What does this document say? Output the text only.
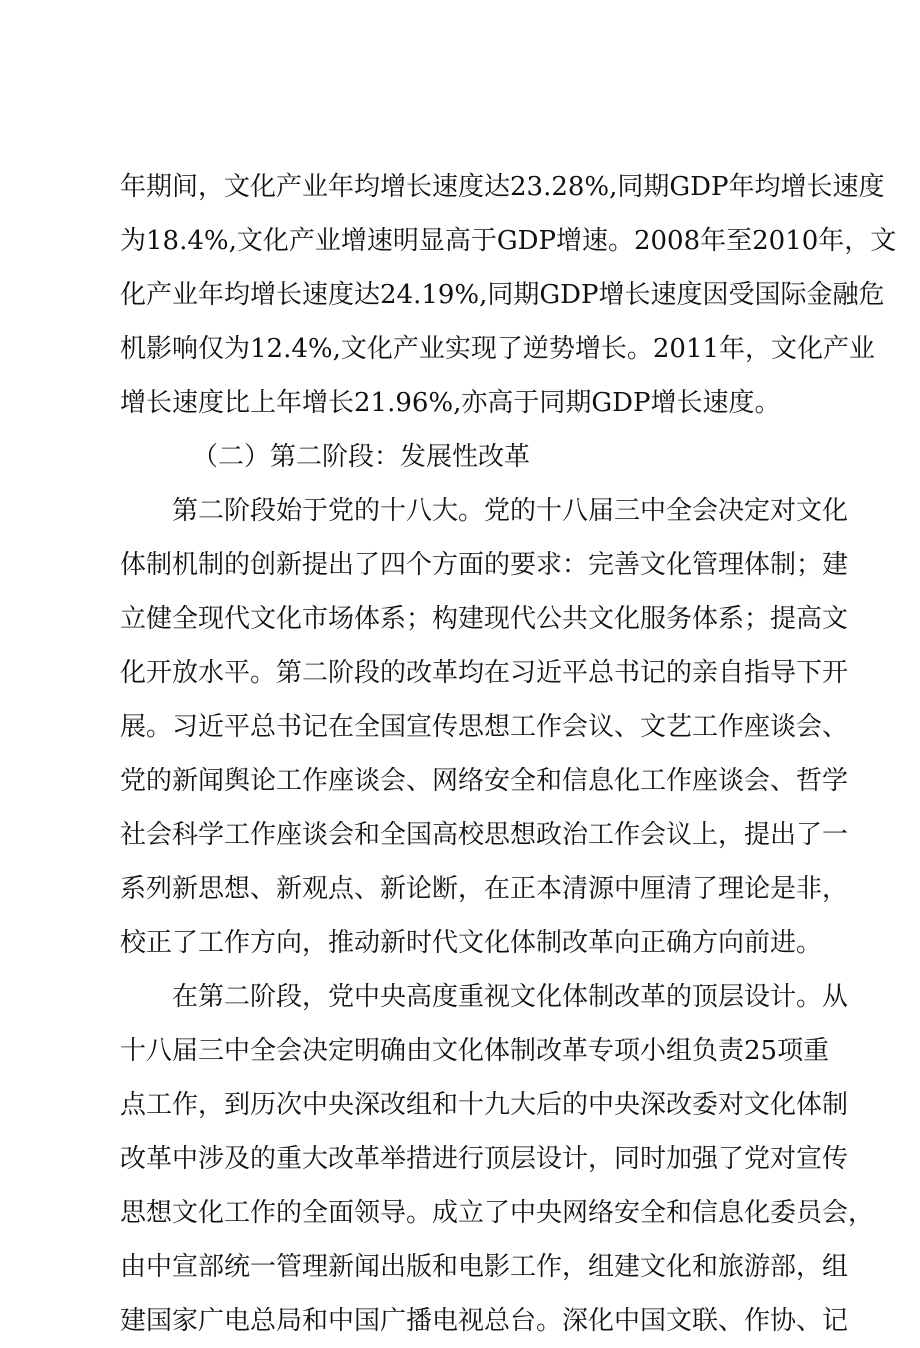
年期间，文化产业年均增长速度达23.28%,同期GDP年均增长速度
为18.4%,文化产业增速明显高于GDP增速。2008年至2010年，文
化产业年均增长速度达24.19%,同期GDP增长速度因受国际金融危
机影响仅为12.4%,文化产业实现了逆势增长。2011年，文化产业
增长速度比上年增长21.96%,亦高于同期GDP增长速度。
（二）第二阶段：发展性改革
第二阶段始于党的十八大。党的十八届三中全会决定对文化
体制机制的创新提出了四个方面的要求：完善文化管理体制；建
立健全现代文化市场体系；构建现代公共文化服务体系；提高文
化开放水平。第二阶段的改革均在习近平总书记的亲自指导下开
展。习近平总书记在全国宣传思想工作会议、文艺工作座谈会、
党的新闻舆论工作座谈会、网络安全和信息化工作座谈会、哲学
社会科学工作座谈会和全国高校思想政治工作会议上，提出了一
系列新思想、新观点、新论断，在正本清源中厘清了理论是非，
校正了工作方向，推动新时代文化体制改革向正确方向前进。
在第二阶段，党中央高度重视文化体制改革的顶层设计。从
十八届三中全会决定明确由文化体制改革专项小组负责25项重
点工作，到历次中央深改组和十九大后的中央深改委对文化体制
改革中涉及的重大改革举措进行顶层设计，同时加强了党对宣传
思想文化工作的全面领导。成立了中央网络安全和信息化委员会，
由中宣部统一管理新闻出版和电影工作，组建文化和旅游部，组
建国家广电总局和中国广播电视总台。深化中国文联、作协、记
